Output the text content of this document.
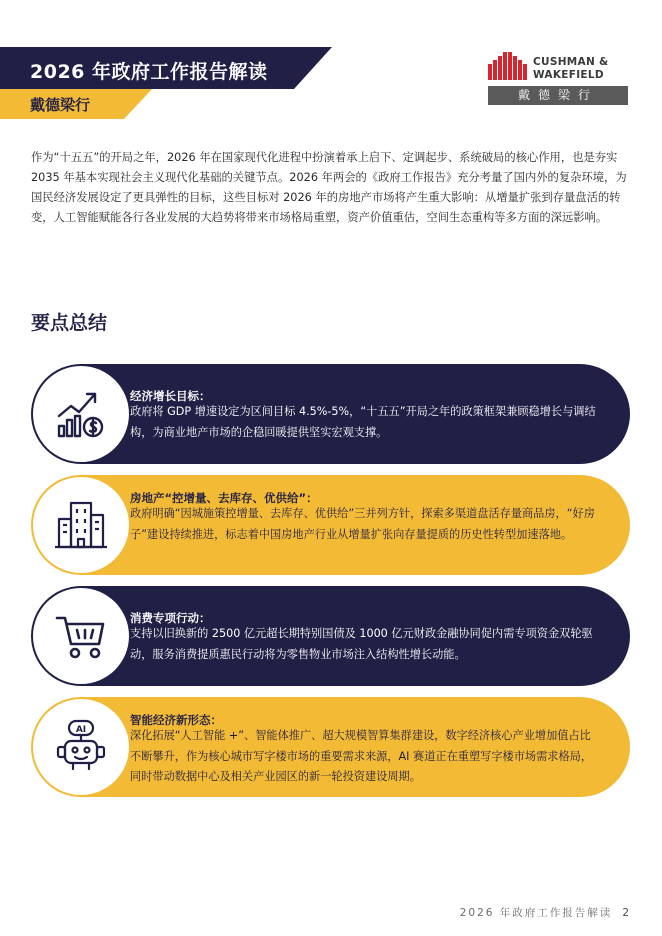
2026 年政府工作报告解读
戴德梁行
CUSHMAN &
WAKEFIELD
戴德梁行

作为“十五五”的开局之年，2026 年在国家现代化进程中扮演着承上启下、定调起步、系统破局的核心作用，也是夯实 2035 年基本实现社会主义现代化基础的关键节点。2026 年两会的《政府工作报告》充分考量了国内外的复杂环境，为国民经济发展设定了更具弹性的目标，这些目标对 2026 年的房地产市场将产生重大影响：从增量扩张到存量盘活的转变，人工智能赋能各行各业发展的大趋势将带来市场格局重塑，资产价值重估，空间生态重构等多方面的深远影响。

要点总结
经济增长目标：

政府将 GDP 增速设定为区间目标 4.5%-5%，“十五五”开局之年的政策框架兼顾稳增长与调结构，为商业地产市场的企稳回暖提供坚实宏观支撑。

房地产“控增量、去库存、优供给”：

政府明确“因城施策控增量、去库存、优供给”三并列方针，探索多渠道盘活存量商品房，“好房子”建设持续推进，标志着中国房地产行业从增量扩张向存量提质的历史性转型加速落地。

消费专项行动：

支持以旧换新的 2500 亿元超长期特别国债及 1000 亿元财政金融协同促内需专项资金双轮驱动，服务消费提质惠民行动将为零售物业市场注入结构性增长动能。

AI
智能经济新形态：

深化拓展“人工智能 +”、智能体推广、超大规模智算集群建设，数字经济核心产业增加值占比不断攀升，作为核心城市写字楼市场的重要需求来源，AI 赛道正在重塑写字楼市场需求格局，同时带动数据中心及相关产业园区的新一轮投资建设周期。

2026 年政府工作报告解读 2
